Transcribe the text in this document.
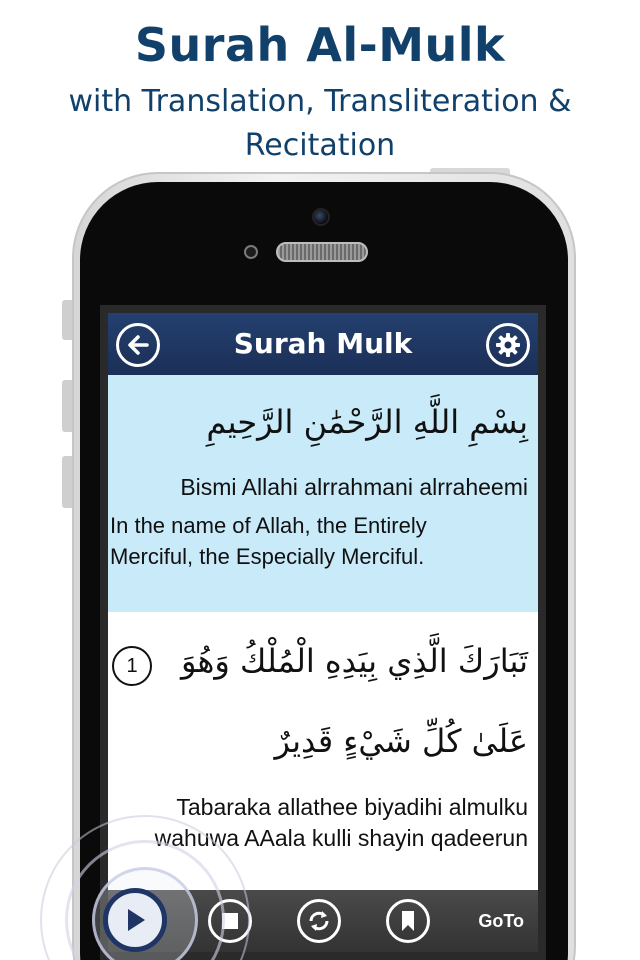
Surah Al-Mulk
with Translation, Transliteration & Recitation
Surah Mulk
بِسْمِ اللَّهِ الرَّحْمَٰنِ الرَّحِيمِ
Bismi Allahi alrrahmani alrraheemi
In the name of Allah, the Entirely Merciful, the Especially Merciful.
1	تَبَارَكَ الَّذِي بِيَدِهِ الْمُلْكُ وَهُوَ
عَلَىٰ كُلِّ شَيْءٍ قَدِيرٌ
Tabaraka allathee biyadihi almulku wahuwa AAala kulli shayin qadeerun
GoTo
